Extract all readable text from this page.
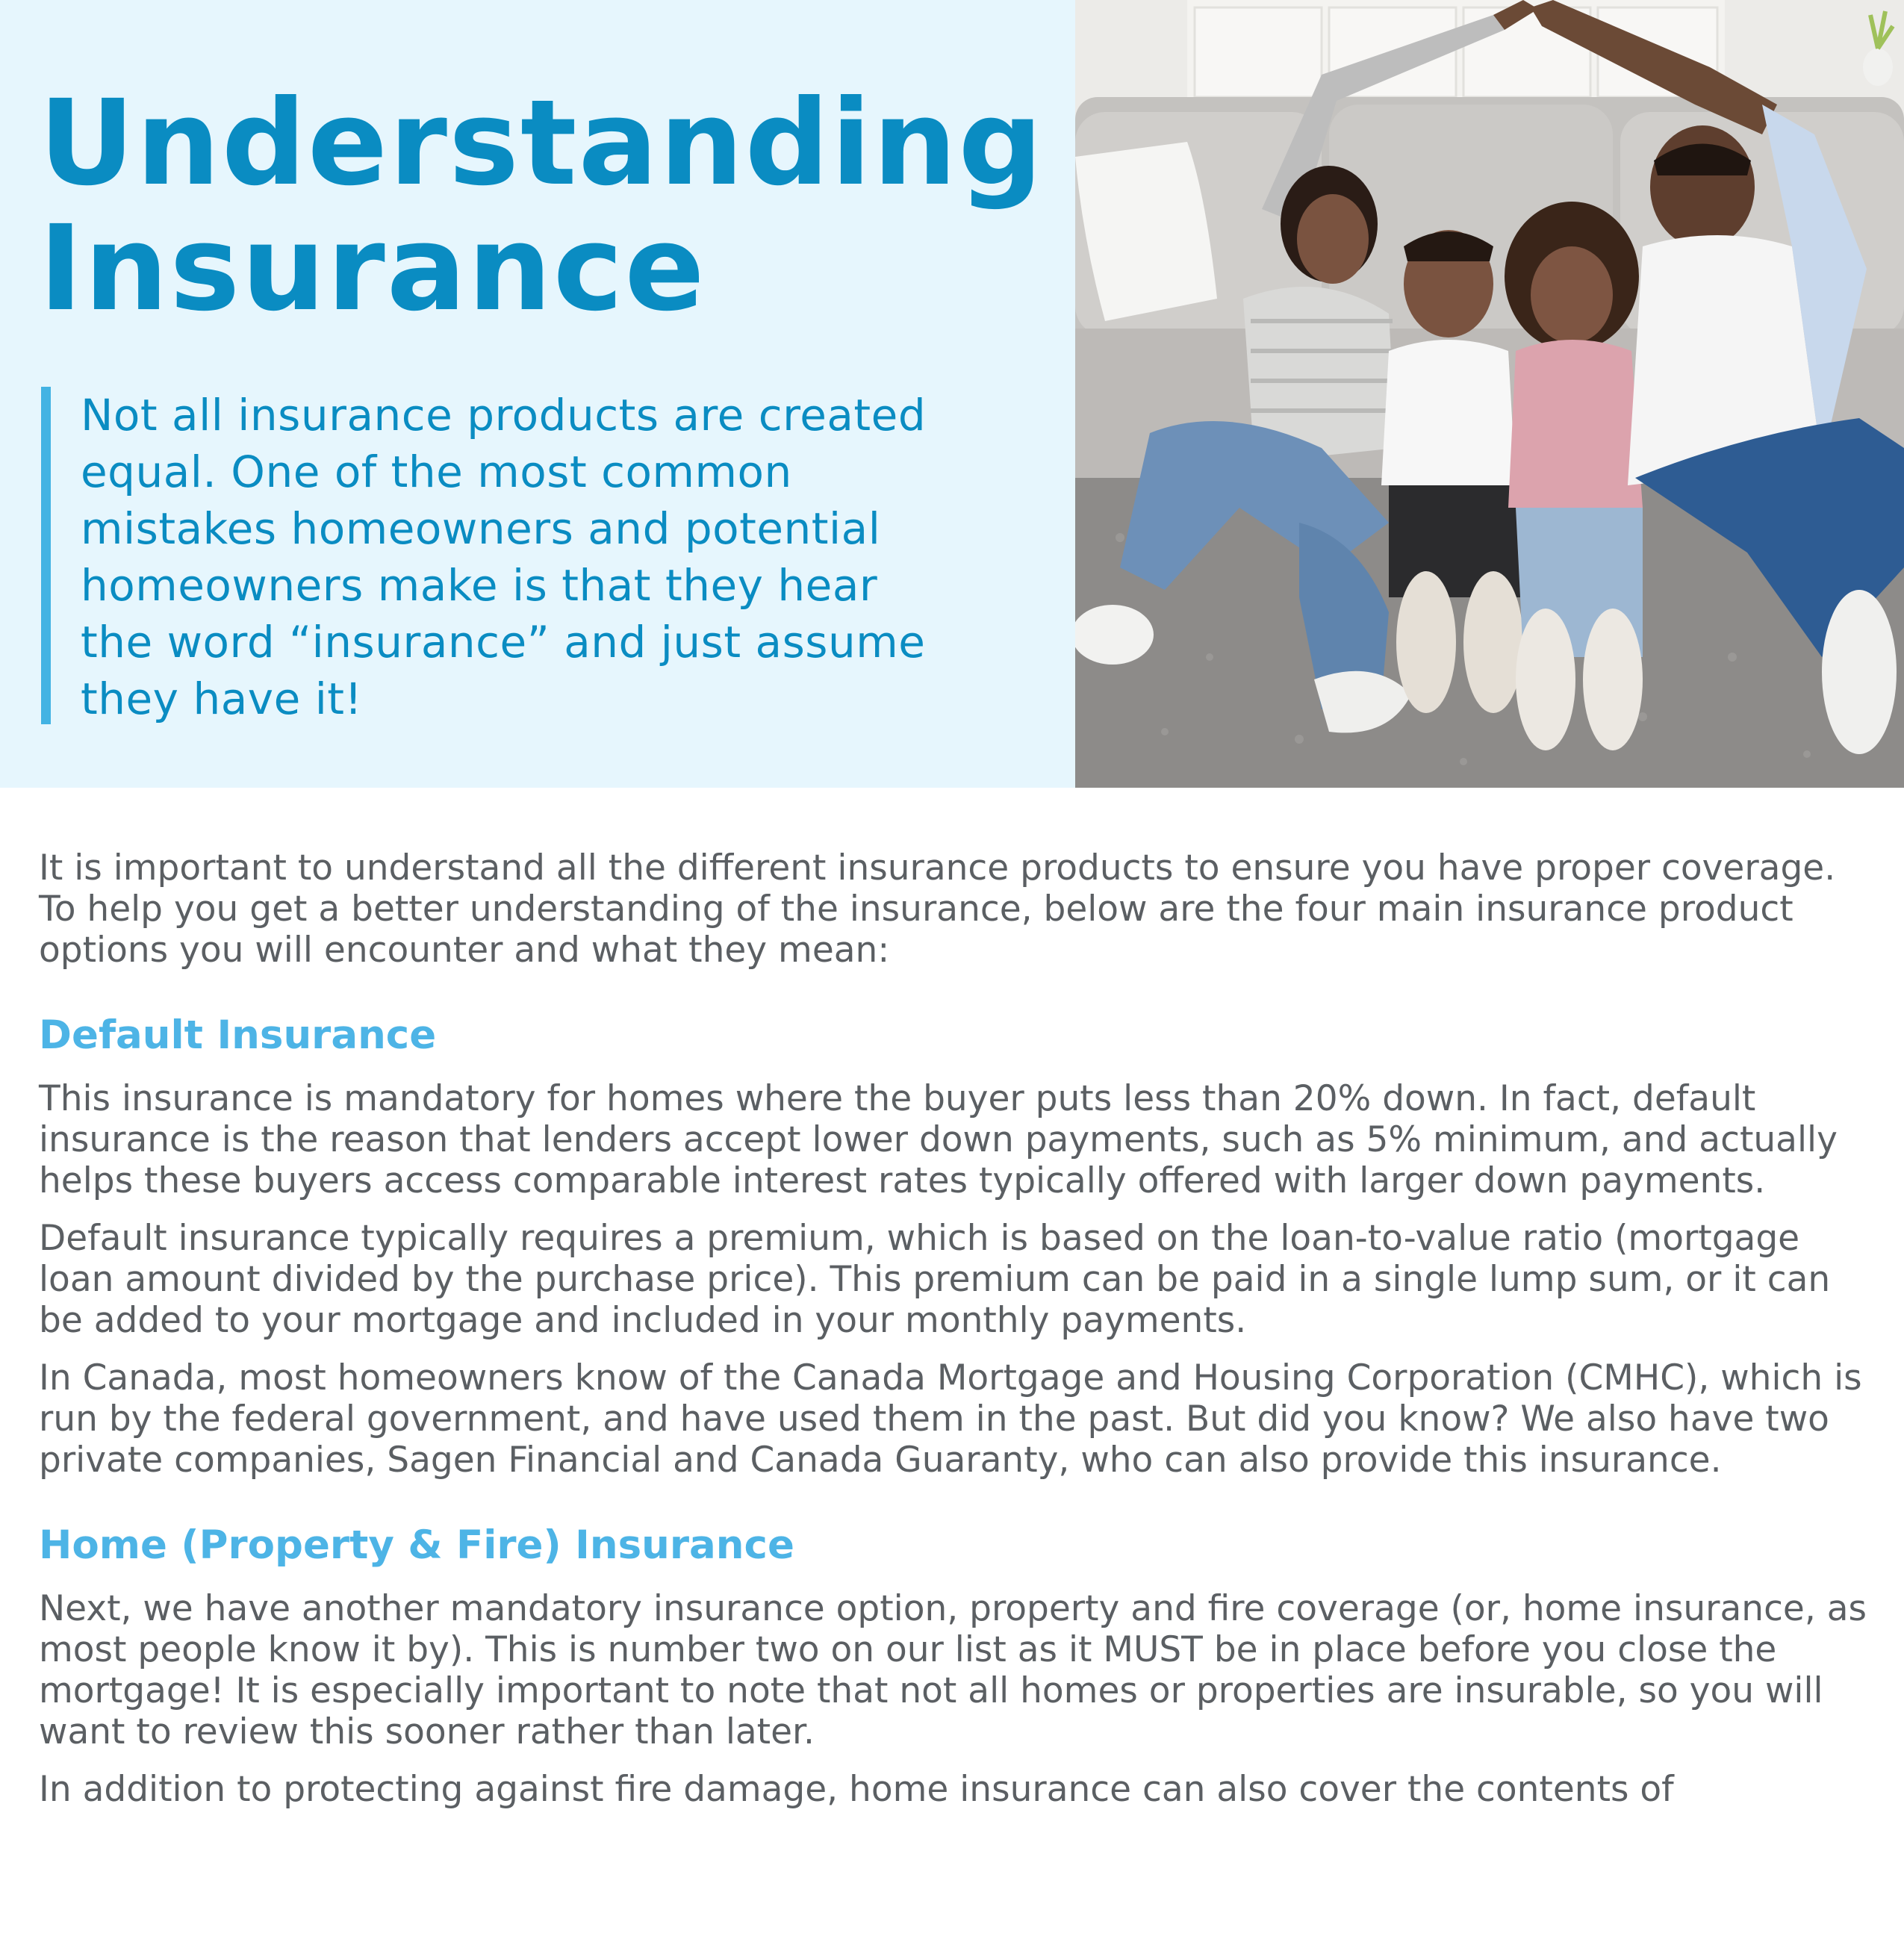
Understanding
Insurance

Not all insurance products are created equal. One of the most common mistakes homeowners and potential homeowners make is that they hear the word “insurance” and just assume they have it!

It is important to understand all the different insurance products to ensure you have proper coverage. To help you get a better understanding of the insurance, below are the four main insurance product options you will encounter and what they mean:

Default Insurance

This insurance is mandatory for homes where the buyer puts less than 20% down. In fact, default insurance is the reason that lenders accept lower down payments, such as 5% minimum, and actually helps these buyers access comparable interest rates typically offered with larger down payments.

Default insurance typically requires a premium, which is based on the loan-to-value ratio (mortgage loan amount divided by the purchase price). This premium can be paid in a single lump sum, or it can be added to your mortgage and included in your monthly payments.

In Canada, most homeowners know of the Canada Mortgage and Housing Corporation (CMHC), which is run by the federal government, and have used them in the past. But did you know? We also have two private companies, Sagen Financial and Canada Guaranty, who can also provide this insurance.

Home (Property & Fire) Insurance

Next, we have another mandatory insurance option, property and fire coverage (or, home insurance, as most people know it by). This is number two on our list as it MUST be in place before you close the mortgage! It is especially important to note that not all homes or properties are insurable, so you will want to review this sooner rather than later.

In addition to protecting against fire damage, home insurance can also cover the contents of
